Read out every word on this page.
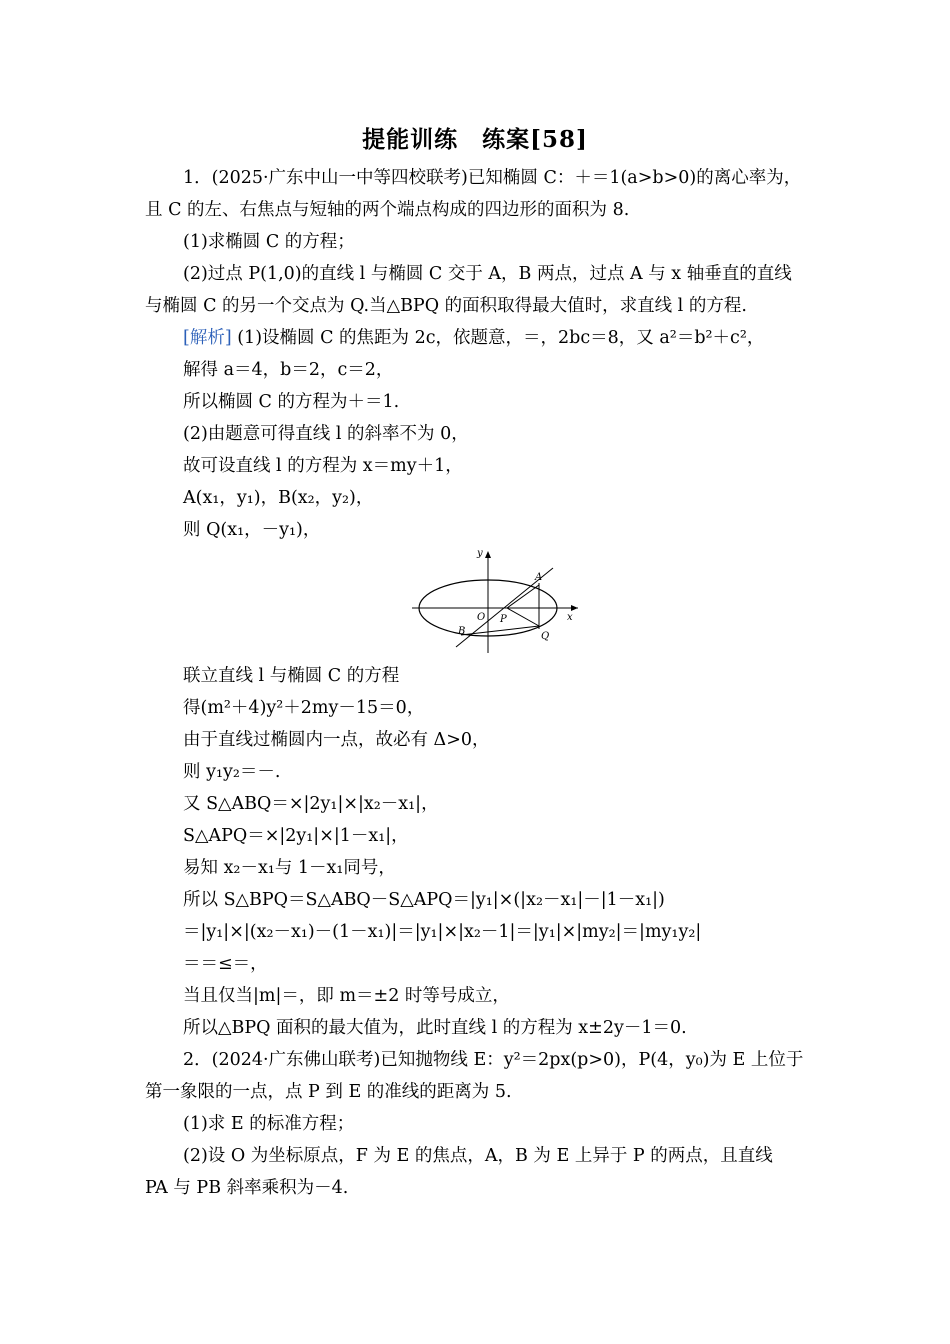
提能训练　练案[58]
1．(2025·广东中山一中等四校联考)已知椭圆 C：＋＝1(a>b>0)的离心率为，
且 C 的左、右焦点与短轴的两个端点构成的四边形的面积为 8.
(1)求椭圆 C 的方程；
(2)过点 P(1,0)的直线 l 与椭圆 C 交于 A，B 两点，过点 A 与 x 轴垂直的直线
与椭圆 C 的另一个交点为 Q.当△BPQ 的面积取得最大值时，求直线 l 的方程.
[解析] (1)设椭圆 C 的焦距为 2c，依题意，＝，2bc＝8，又 a²＝b²＋c²，
解得 a＝4，b＝2，c＝2，
所以椭圆 C 的方程为＋＝1.
(2)由题意可得直线 l 的斜率不为 0，
故可设直线 l 的方程为 x＝my＋1，
A(x₁，y₁)，B(x₂，y₂)，
则 Q(x₁，－y₁)，
y
x
A
B
O P
Q
联立直线 l 与椭圆 C 的方程
得(m²＋4)y²＋2my－15＝0，
由于直线过椭圆内一点，故必有 Δ>0，
则 y₁y₂＝－.
又 S△ABQ＝×|2y₁|×|x₂－x₁|，
S△APQ＝×|2y₁|×|1－x₁|，
易知 x₂－x₁与 1－x₁同号，
所以 S△BPQ＝S△ABQ－S△APQ＝|y₁|×(|x₂－x₁|－|1－x₁|)
＝|y₁|×|(x₂－x₁)－(1－x₁)|＝|y₁|×|x₂－1|＝|y₁|×|my₂|＝|my₁y₂|
＝＝≤＝，
当且仅当|m|＝，即 m＝±2 时等号成立，
所以△BPQ 面积的最大值为，此时直线 l 的方程为 x±2y－1＝0.
2．(2024·广东佛山联考)已知抛物线 E：y²＝2px(p>0)，P(4，y₀)为 E 上位于
第一象限的一点，点 P 到 E 的准线的距离为 5.
(1)求 E 的标准方程；
(2)设 O 为坐标原点，F 为 E 的焦点，A，B 为 E 上异于 P 的两点，且直线
PA 与 PB 斜率乘积为－4.
